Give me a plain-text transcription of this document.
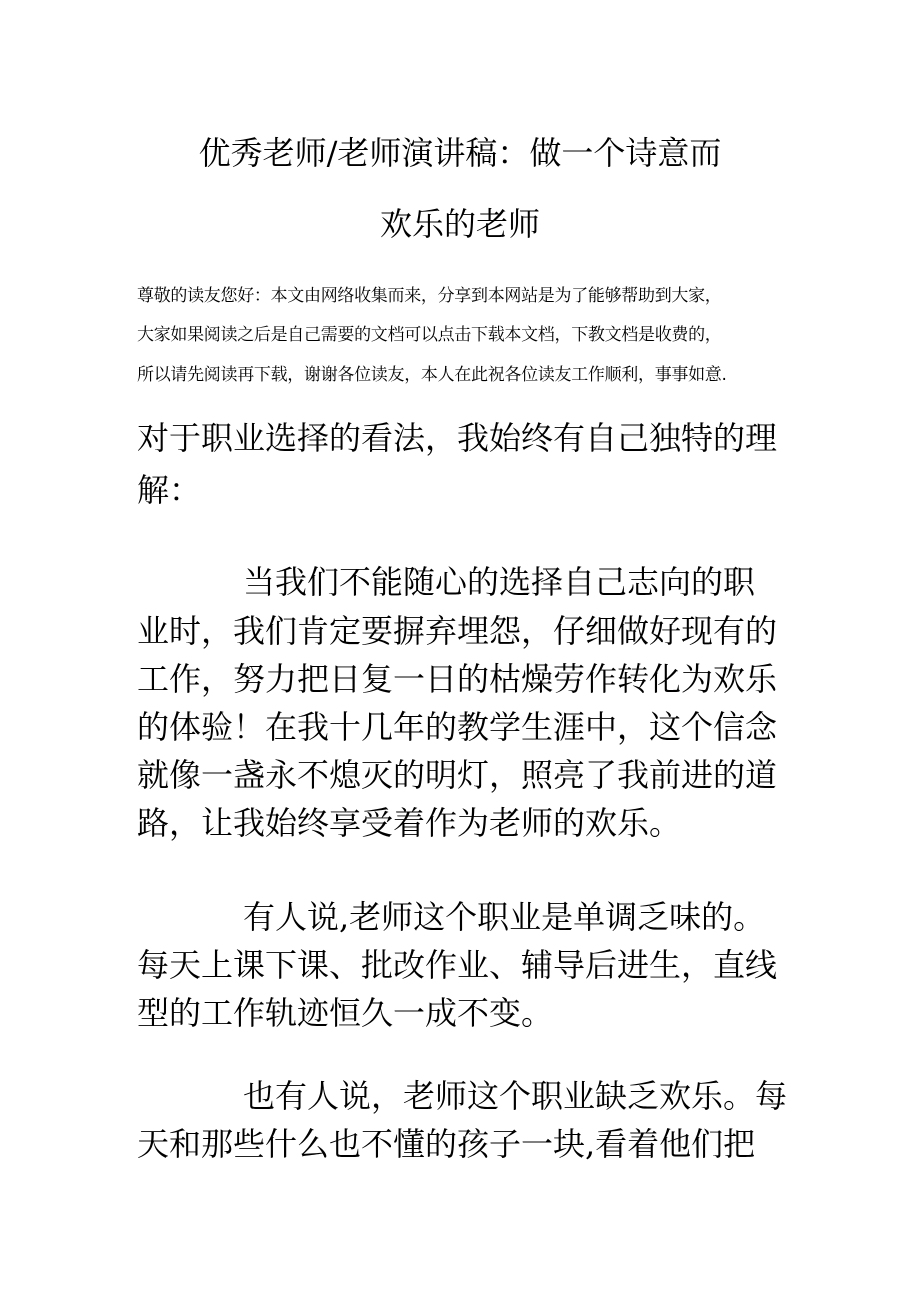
优秀老师/老师演讲稿：做一个诗意而
欢乐的老师
尊敬的读友您好：本文由网络收集而来，分享到本网站是为了能够帮助到大家，
大家如果阅读之后是自己需要的文档可以点击下载本文档，下教文档是收费的，
所以请先阅读再下载，谢谢各位读友，本人在此祝各位读友工作顺利，事事如意.
对于职业选择的看法，我始终有自己独特的理
解：
当我们不能随心的选择自己志向的职
业时，我们肯定要摒弃埋怨，仔细做好现有的
工作，努力把日复一日的枯燥劳作转化为欢乐
的体验！在我十几年的教学生涯中，这个信念
就像一盏永不熄灭的明灯，照亮了我前进的道
路，让我始终享受着作为老师的欢乐。
有人说,老师这个职业是单调乏味的。
每天上课下课、批改作业、辅导后进生，直线
型的工作轨迹恒久一成不变。
也有人说，老师这个职业缺乏欢乐。每
天和那些什么也不懂的孩子一块,看着他们把
